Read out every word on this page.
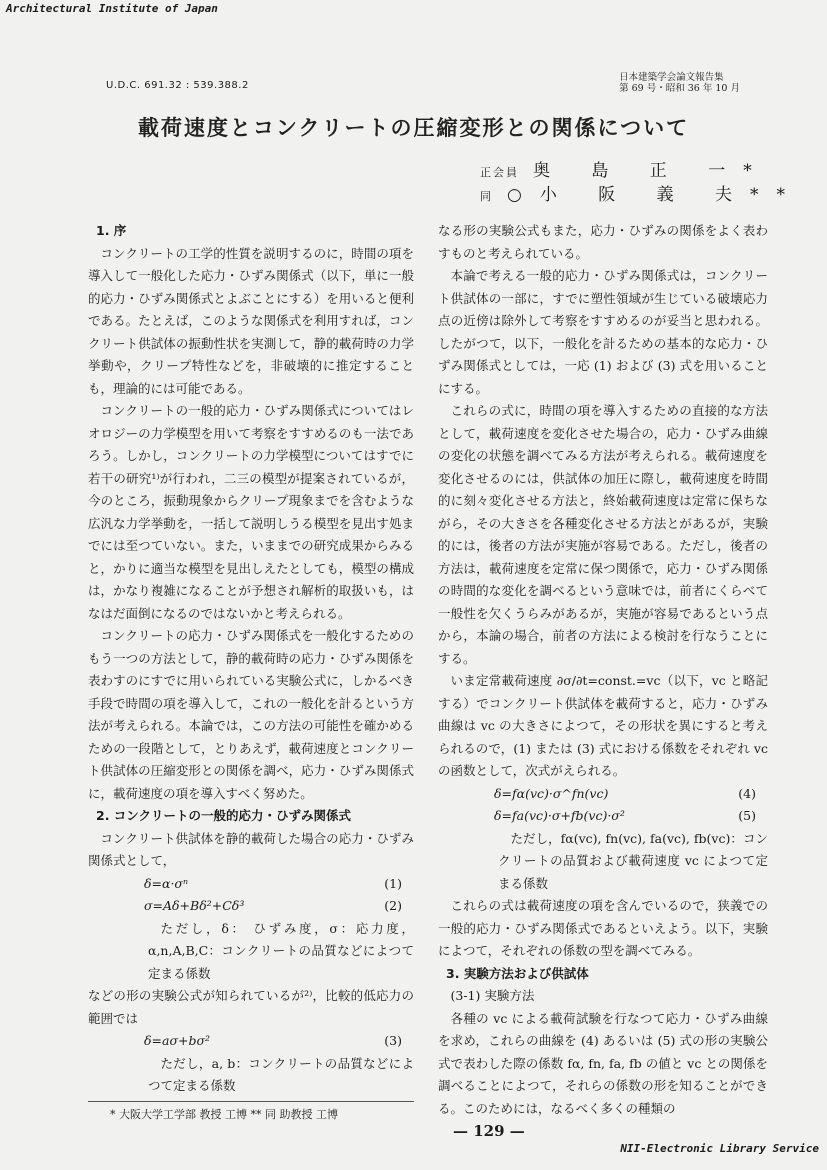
Architectural Institute of Japan
U.D.C. 691.32 : 539.388.2
日本建築学会論文報告集
第 69 号・昭和 36 年 10 月
載荷速度とコンクリートの圧縮変形との関係について
正会員 奥 島 正 一*
同 ○小 阪 義 夫**
1. 序

コンクリートの工学的性質を説明するのに，時間の項を導入して一般化した応力・ひずみ関係式（以下，単に一般的応力・ひずみ関係式とよぶことにする）を用いると便利である。たとえば，このような関係式を利用すれば，コンクリート供試体の振動性状を実測して，静的載荷時の力学挙動や，クリープ特性などを，非破壊的に推定することも，理論的には可能である。

コンクリートの一般的応力・ひずみ関係式についてはレオロジーの力学模型を用いて考察をすすめるのも一法であろう。しかし，コンクリートの力学模型についてはすでに若干の研究¹⁾が行われ，二三の模型が提案されているが，今のところ，振動現象からクリープ現象までを含むような広汎な力学挙動を，一括して説明しうる模型を見出す処までには至つていない。また，いままでの研究成果からみると，かりに適当な模型を見出しえたとしても，模型の構成は，かなり複雑になることが予想され解析的取扱いも，はなはだ面倒になるのではないかと考えられる。

コンクリートの応力・ひずみ関係式を一般化するためのもう一つの方法として，静的載荷時の応力・ひずみ関係を表わすのにすでに用いられている実験公式に，しかるべき手段で時間の項を導入して，これの一般化を計るという方法が考えられる。本論では，この方法の可能性を確かめるための一段階として，とりあえず，載荷速度とコンクリート供試体の圧縮変形との関係を調べ，応力・ひずみ関係式に，載荷速度の項を導入すべく努めた。

2. コンクリートの一般的応力・ひずみ関係式

コンクリート供試体を静的載荷した場合の応力・ひずみ関係式として，

δ=α·σⁿ	(1)
σ=Aδ+Bδ²+Cδ³	(2)

ただし，δ： ひずみ度，σ：応力度，α,n,A,B,C：コンクリートの品質などによつて定まる係数

などの形の実験公式が知られているが²⁾，比較的低応力の範囲では

δ=aσ+bσ²	(3)

ただし，a, b：コンクリートの品質などによつて定まる係数

* 大阪大学工学部 教授 工博 ** 同 助教授 工博

なる形の実験公式もまた，応力・ひずみの関係をよく表わすものと考えられている。

本論で考える一般的応力・ひずみ関係式は，コンクリート供試体の一部に，すでに塑性領域が生じている破壊応力点の近傍は除外して考察をすすめるのが妥当と思われる。したがつて，以下，一般化を計るための基本的な応力・ひずみ関係式としては，一応 (1) および (3) 式を用いることにする。

これらの式に，時間の項を導入するための直接的な方法として，載荷速度を変化させた場合の，応力・ひずみ曲線の変化の状態を調べてみる方法が考えられる。載荷速度を変化させるのには，供試体の加圧に際し，載荷速度を時間的に刻々変化させる方法と，終始載荷速度は定常に保ちながら，その大きさを各種変化させる方法とがあるが，実験的には，後者の方法が実施が容易である。ただし，後者の方法は，載荷速度を定常に保つ関係で，応力・ひずみ関係の時間的な変化を調べるという意味では，前者にくらべて一般性を欠くうらみがあるが，実施が容易であるという点から，本論の場合，前者の方法による検討を行なうことにする。

いま定常載荷速度 ∂σ/∂t=const.=vc（以下，vc と略記する）でコンクリート供試体を載荷すると，応力・ひずみ曲線は vc の大きさによつて，その形状を異にすると考えられるので，(1) または (3) 式における係数をそれぞれ vc の函数として，次式がえられる。

δ=fα(vc)·σ^fn(vc)	(4)
δ=fa(vc)·σ+fb(vc)·σ²	(5)

ただし，fα(vc), fn(vc), fa(vc), fb(vc)：コンクリートの品質および載荷速度 vc によつて定まる係数

これらの式は載荷速度の項を含んでいるので，狭義での一般的応力・ひずみ関係式であるといえよう。以下，実験によつて，それぞれの係数の型を調べてみる。

3. 実験方法および供試体

(3-1) 実験方法

各種の vc による載荷試験を行なつて応力・ひずみ曲線を求め，これらの曲線を (4) あるいは (5) 式の形の実験公式で表わした際の係数 fα, fn, fa, fb の値と vc との関係を調べることによつて，それらの係数の形を知ることができる。このためには，なるべく多くの種類の

— 129 —

NII-Electronic Library Service
